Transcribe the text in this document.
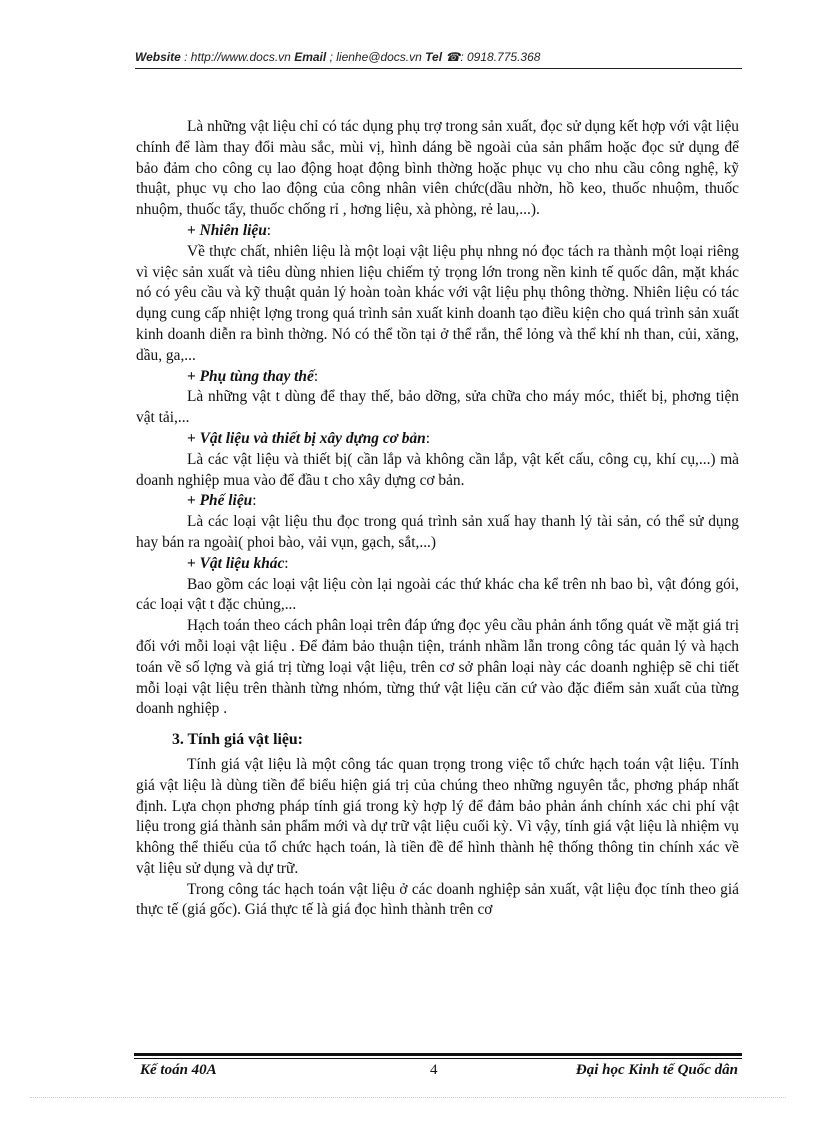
Website : http://www.docs.vn Email ; lienhe@docs.vn Tel ☎: 0918.775.368

Là những vật liệu chỉ có tác dụng phụ trợ trong sản xuất, đọc sử dụng kết hợp với vật liệu chính để làm thay đổi màu sắc, mùi vị, hình dáng bề ngoài của sản phẩm hoặc đọc sử dụng để bảo đảm cho công cụ lao động hoạt động bình thờng hoặc phục vụ cho nhu cầu công nghệ, kỹ thuật, phục vụ cho lao động của công nhân viên chức(dầu nhờn, hồ keo, thuốc nhuộm, thuốc nhuộm, thuốc tẩy, thuốc chống rỉ , hơng liệu, xà phòng, rẻ lau,...).

+ Nhiên liệu:

Về thực chất, nhiên liệu là một loại vật liệu phụ nhng nó đọc tách ra thành một loại riêng vì việc sản xuất và tiêu dùng nhien liệu chiếm tỷ trọng lớn trong nền kinh tế quốc dân, mặt khác nó có yêu cầu và kỹ thuật quản lý hoàn toàn khác với vật liệu phụ thông thờng. Nhiên liệu có tác dụng cung cấp nhiệt lợng trong quá trình sản xuất kinh doanh tạo điều kiện cho quá trình sản xuất kinh doanh diễn ra bình thờng. Nó có thể tồn tại ở thể rắn, thể lỏng và thể khí nh than, củi, xăng, dầu, ga,...

+ Phụ tùng thay thế:

Là những vật t dùng để thay thế, bảo dỡng, sửa chữa cho máy móc, thiết bị, phơng tiện vật tải,...

+ Vật liệu và thiết bị xây dựng cơ bản:

Là các vật liệu và thiết bị( cần lắp và không cần lắp, vật kết cấu, công cụ, khí cụ,...) mà doanh nghiệp mua vào để đầu t cho xây dựng cơ bản.

+ Phế liệu:

Là các loại vật liệu thu đọc trong quá trình sản xuấ hay thanh lý tài sản, có thể sử dụng hay bán ra ngoài( phoi bào, vải vụn, gạch, sắt,...)

+ Vật liệu khác:

Bao gồm các loại vật liệu còn lại ngoài các thứ khác cha kể trên nh bao bì, vật đóng gói, các loại vật t đặc chủng,...

Hạch toán theo cách phân loại trên đáp ứng đọc yêu cầu phản ánh tổng quát về mặt giá trị đối với mỗi loại vật liệu . Để đảm bảo thuận tiện, tránh nhầm lẫn trong công tác quản lý và hạch toán về số lợng và giá trị từng loại vật liệu, trên cơ sở phân loại này các doanh nghiệp sẽ chi tiết mỗi loại vật liệu trên thành từng nhóm, từng thứ vật liệu căn cứ vào đặc điểm sản xuất của từng doanh nghiệp .

3. Tính giá vật liệu:

Tính giá vật liệu là một công tác quan trọng trong việc tổ chức hạch toán vật liệu. Tính giá vật liệu là dùng tiền để biểu hiện giá trị của chúng theo những nguyên tắc, phơng pháp nhất định. Lựa chọn phơng pháp tính giá trong kỳ hợp lý để đảm bảo phản ánh chính xác chi phí vật liệu trong giá thành sản phẩm mới và dự trữ vật liệu cuối kỳ. Vì vậy, tính giá vật liệu là nhiệm vụ không thể thiếu của tổ chức hạch toán, là tiền đề để hình thành hệ thống thông tin chính xác về vật liệu sử dụng và dự trữ.

Trong công tác hạch toán vật liệu ở các doanh nghiệp sản xuất, vật liệu đọc tính theo giá thực tế (giá gốc). Giá thực tế là giá đọc hình thành trên cơ

Kế toán 40A	4	Đại học Kinh tế Quốc dân
